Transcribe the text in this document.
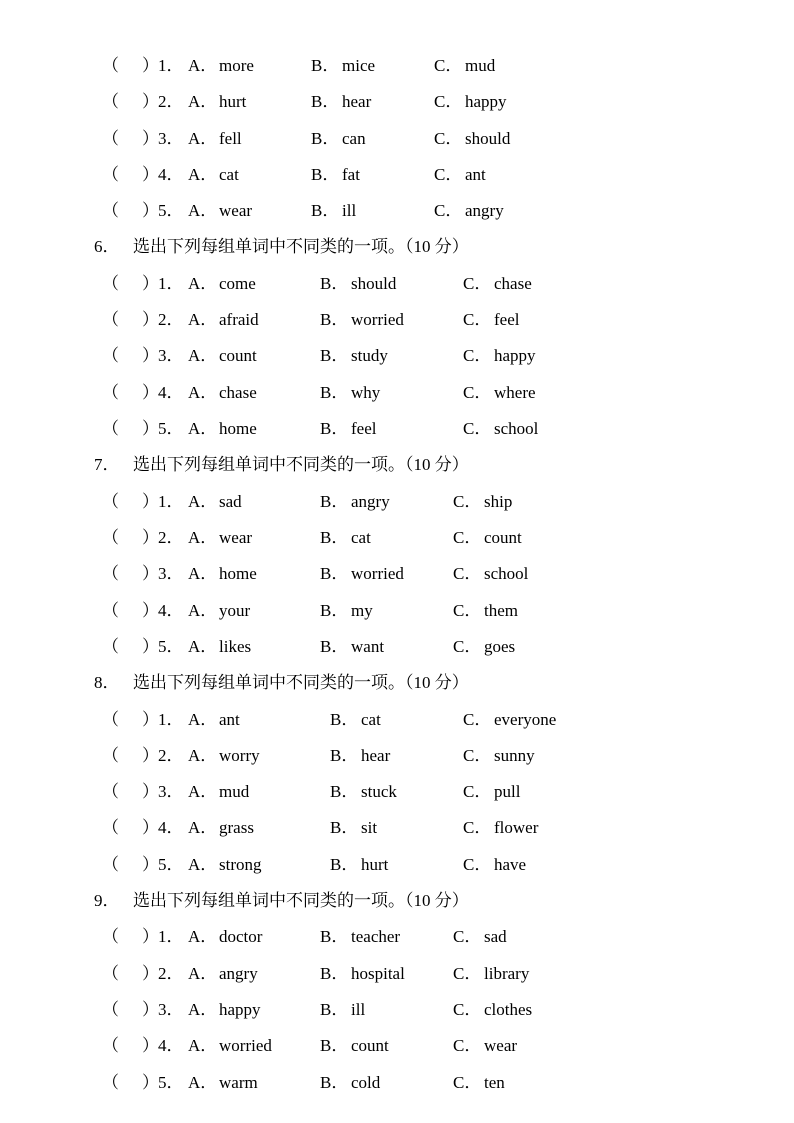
（ ） 1． A． more	B． mice	C． mud
（ ） 2． A． hurt	B． hear	C． happy
（ ） 3． A． fell	B． can	C． should
（ ） 4． A． cat	B． fat	C． ant
（ ） 5． A． wear	B． ill	C． angry
6． 选出下列每组单词中不同类的一项。（10 分）
（ ） 1． A． come	B． should	C． chase
（ ） 2． A． afraid	B． worried	C． feel
（ ） 3． A． count	B． study	C． happy
（ ） 4． A． chase	B． why	C． where
（ ） 5． A． home	B． feel	C． school
7． 选出下列每组单词中不同类的一项。（10 分）
（ ） 1． A． sad	B． angry	C． ship
（ ） 2． A． wear	B． cat	C． count
（ ） 3． A． home	B． worried	C． school
（ ） 4． A． your	B． my	C． them
（ ） 5． A． likes	B． want	C． goes
8． 选出下列每组单词中不同类的一项。（10 分）
（ ） 1． A． ant	B． cat	C． everyone
（ ） 2． A． worry	B． hear	C． sunny
（ ） 3． A． mud	B． stuck	C． pull
（ ） 4． A． grass	B． sit	C． flower
（ ） 5． A． strong	B． hurt	C． have
9． 选出下列每组单词中不同类的一项。（10 分）
（ ） 1． A． doctor	B． teacher	C． sad
（ ） 2． A． angry	B． hospital	C． library
（ ） 3． A． happy	B． ill	C． clothes
（ ） 4． A． worried	B． count	C． wear
（ ） 5． A． warm	B． cold	C． ten
